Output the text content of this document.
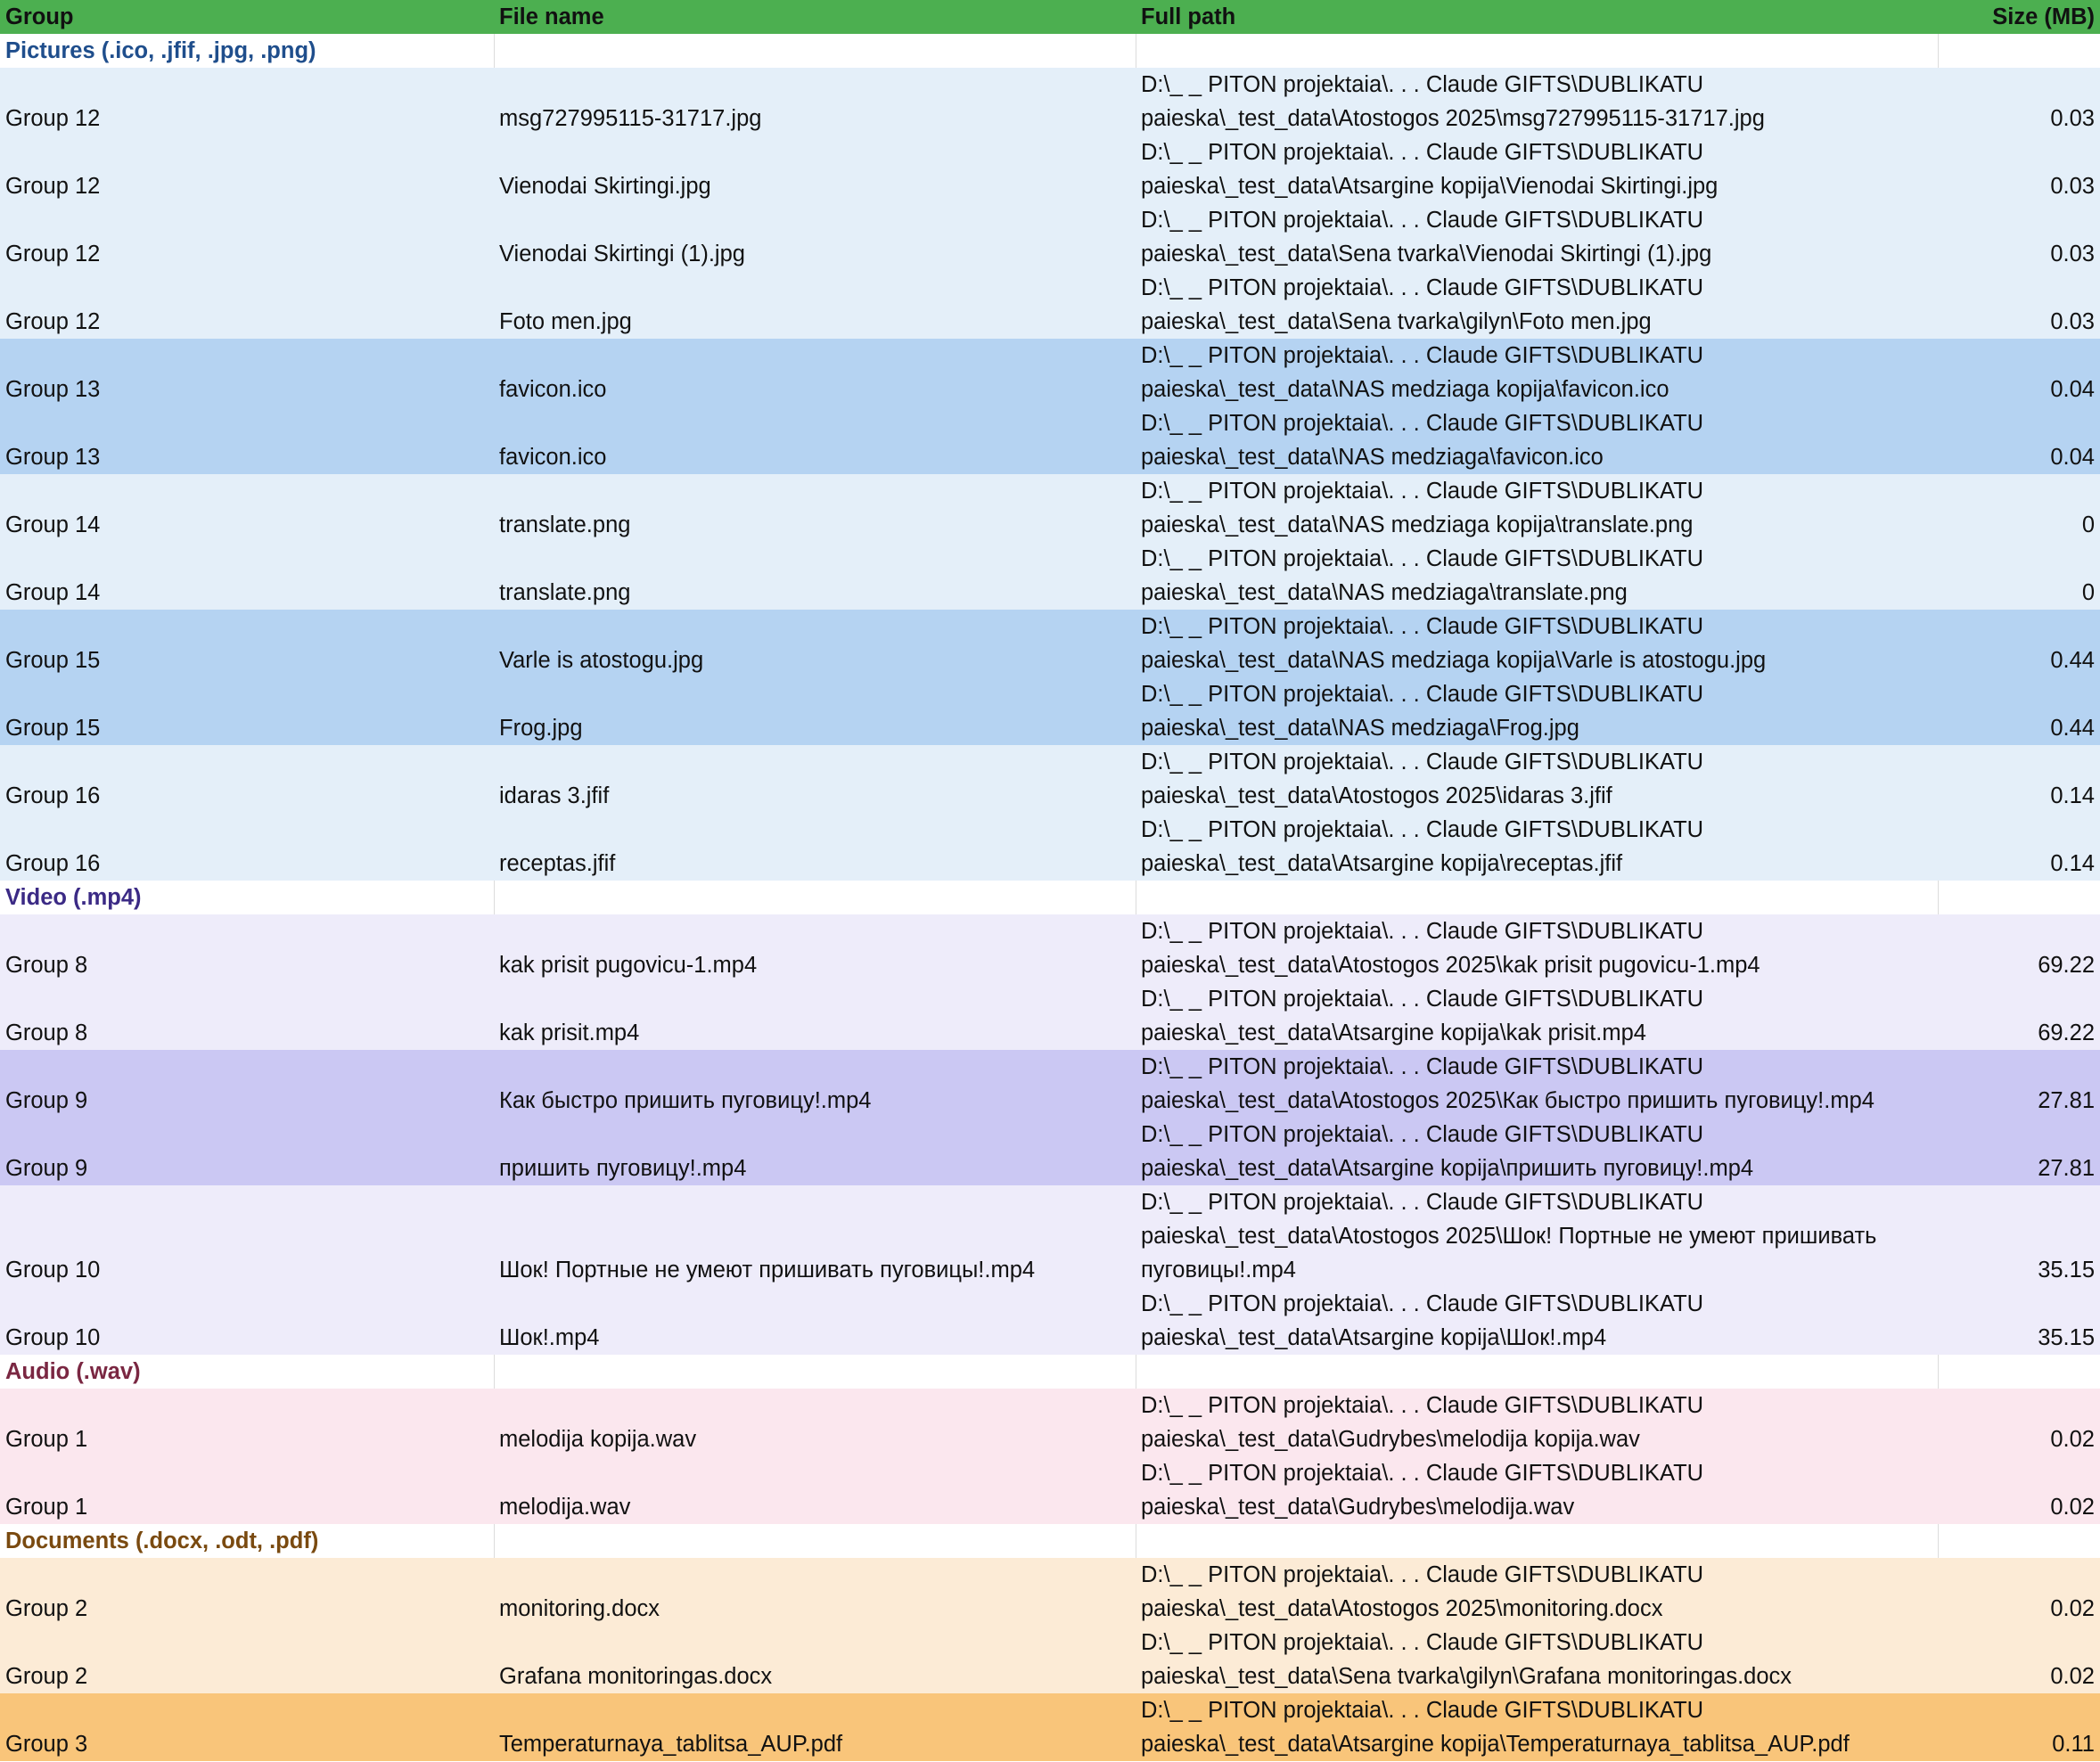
Group	File name	Full path	Size (MB)
Pictures (.ico, .jfif, .jpg, .png)			
Group 12	msg727995115-31717.jpg	D:\_ _ PITON projektaia\. . . Claude GIFTS\DUBLIKATU
paieska\_test_data\Atostogos 2025\msg727995115-31717.jpg	0.03
Group 12	Vienodai Skirtingi.jpg	D:\_ _ PITON projektaia\. . . Claude GIFTS\DUBLIKATU
paieska\_test_data\Atsargine kopija\Vienodai Skirtingi.jpg	0.03
Group 12	Vienodai Skirtingi (1).jpg	D:\_ _ PITON projektaia\. . . Claude GIFTS\DUBLIKATU
paieska\_test_data\Sena tvarka\Vienodai Skirtingi (1).jpg	0.03
Group 12	Foto men.jpg	D:\_ _ PITON projektaia\. . . Claude GIFTS\DUBLIKATU
paieska\_test_data\Sena tvarka\gilyn\Foto men.jpg	0.03
Group 13	favicon.ico	D:\_ _ PITON projektaia\. . . Claude GIFTS\DUBLIKATU
paieska\_test_data\NAS medziaga kopija\favicon.ico	0.04
Group 13	favicon.ico	D:\_ _ PITON projektaia\. . . Claude GIFTS\DUBLIKATU
paieska\_test_data\NAS medziaga\favicon.ico	0.04
Group 14	translate.png	D:\_ _ PITON projektaia\. . . Claude GIFTS\DUBLIKATU
paieska\_test_data\NAS medziaga kopija\translate.png	0
Group 14	translate.png	D:\_ _ PITON projektaia\. . . Claude GIFTS\DUBLIKATU
paieska\_test_data\NAS medziaga\translate.png	0
Group 15	Varle is atostogu.jpg	D:\_ _ PITON projektaia\. . . Claude GIFTS\DUBLIKATU
paieska\_test_data\NAS medziaga kopija\Varle is atostogu.jpg	0.44
Group 15	Frog.jpg	D:\_ _ PITON projektaia\. . . Claude GIFTS\DUBLIKATU
paieska\_test_data\NAS medziaga\Frog.jpg	0.44
Group 16	idaras 3.jfif	D:\_ _ PITON projektaia\. . . Claude GIFTS\DUBLIKATU
paieska\_test_data\Atostogos 2025\idaras 3.jfif	0.14
Group 16	receptas.jfif	D:\_ _ PITON projektaia\. . . Claude GIFTS\DUBLIKATU
paieska\_test_data\Atsargine kopija\receptas.jfif	0.14
Video (.mp4)			
Group 8	kak prisit pugovicu-1.mp4	D:\_ _ PITON projektaia\. . . Claude GIFTS\DUBLIKATU
paieska\_test_data\Atostogos 2025\kak prisit pugovicu-1.mp4	69.22
Group 8	kak prisit.mp4	D:\_ _ PITON projektaia\. . . Claude GIFTS\DUBLIKATU
paieska\_test_data\Atsargine kopija\kak prisit.mp4	69.22
Group 9	Как быстро пришить пуговицу!.mp4	D:\_ _ PITON projektaia\. . . Claude GIFTS\DUBLIKATU
paieska\_test_data\Atostogos 2025\Как быстро пришить пуговицу!.mp4	27.81
Group 9	пришить пуговицу!.mp4	D:\_ _ PITON projektaia\. . . Claude GIFTS\DUBLIKATU
paieska\_test_data\Atsargine kopija\пришить пуговицу!.mp4	27.81
Group 10	Шок! Портные не умеют пришивать пуговицы!.mp4	D:\_ _ PITON projektaia\. . . Claude GIFTS\DUBLIKATU
paieska\_test_data\Atostogos 2025\Шок! Портные не умеют пришивать
пуговицы!.mp4	35.15
Group 10	Шок!.mp4	D:\_ _ PITON projektaia\. . . Claude GIFTS\DUBLIKATU
paieska\_test_data\Atsargine kopija\Шок!.mp4	35.15
Audio (.wav)			
Group 1	melodija kopija.wav	D:\_ _ PITON projektaia\. . . Claude GIFTS\DUBLIKATU
paieska\_test_data\Gudrybes\melodija kopija.wav	0.02
Group 1	melodija.wav	D:\_ _ PITON projektaia\. . . Claude GIFTS\DUBLIKATU
paieska\_test_data\Gudrybes\melodija.wav	0.02
Documents (.docx, .odt, .pdf)			
Group 2	monitoring.docx	D:\_ _ PITON projektaia\. . . Claude GIFTS\DUBLIKATU
paieska\_test_data\Atostogos 2025\monitoring.docx	0.02
Group 2	Grafana monitoringas.docx	D:\_ _ PITON projektaia\. . . Claude GIFTS\DUBLIKATU
paieska\_test_data\Sena tvarka\gilyn\Grafana monitoringas.docx	0.02
Group 3	Temperaturnaya_tablitsa_AUP.pdf	D:\_ _ PITON projektaia\. . . Claude GIFTS\DUBLIKATU
paieska\_test_data\Atsargine kopija\Temperaturnaya_tablitsa_AUP.pdf	0.11
